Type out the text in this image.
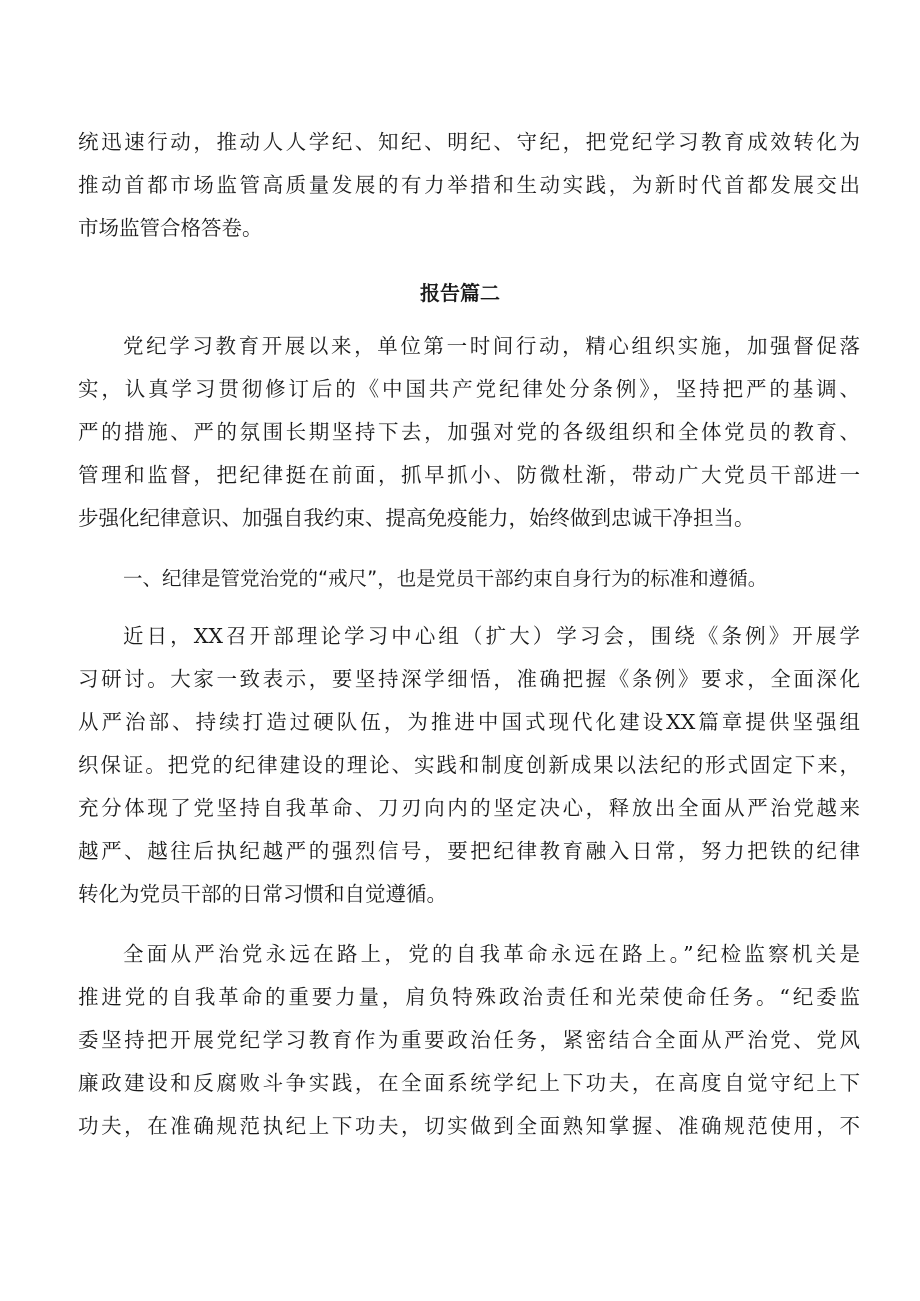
统迅速行动，推动人人学纪、知纪、明纪、守纪，把党纪学习教育成效转化为
推动首都市场监管高质量发展的有力举措和生动实践，为新时代首都发展交出
市场监管合格答卷。
报告篇二
党纪学习教育开展以来，单位第一时间行动，精心组织实施，加强督促落
实，认真学习贯彻修订后的《中国共产党纪律处分条例》，坚持把严的基调、
严的措施、严的氛围长期坚持下去，加强对党的各级组织和全体党员的教育、
管理和监督，把纪律挺在前面，抓早抓小、防微杜渐，带动广大党员干部进一
步强化纪律意识、加强自我约束、提高免疫能力，始终做到忠诚干净担当。
一、纪律是管党治党的“戒尺”，也是党员干部约束自身行为的标准和遵循。
近日，XX召开部理论学习中心组（扩大）学习会，围绕《条例》开展学
习研讨。大家一致表示，要坚持深学细悟，准确把握《条例》要求，全面深化
从严治部、持续打造过硬队伍，为推进中国式现代化建设XX篇章提供坚强组
织保证。把党的纪律建设的理论、实践和制度创新成果以法纪的形式固定下来，
充分体现了党坚持自我革命、刀刃向内的坚定决心，释放出全面从严治党越来
越严、越往后执纪越严的强烈信号，要把纪律教育融入日常，努力把铁的纪律
转化为党员干部的日常习惯和自觉遵循。
全面从严治党永远在路上，党的自我革命永远在路上。”纪检监察机关是
推进党的自我革命的重要力量，肩负特殊政治责任和光荣使命任务。“纪委监
委坚持把开展党纪学习教育作为重要政治任务，紧密结合全面从严治党、党风
廉政建设和反腐败斗争实践，在全面系统学纪上下功夫，在高度自觉守纪上下
功夫，在准确规范执纪上下功夫，切实做到全面熟知掌握、准确规范使用，不
